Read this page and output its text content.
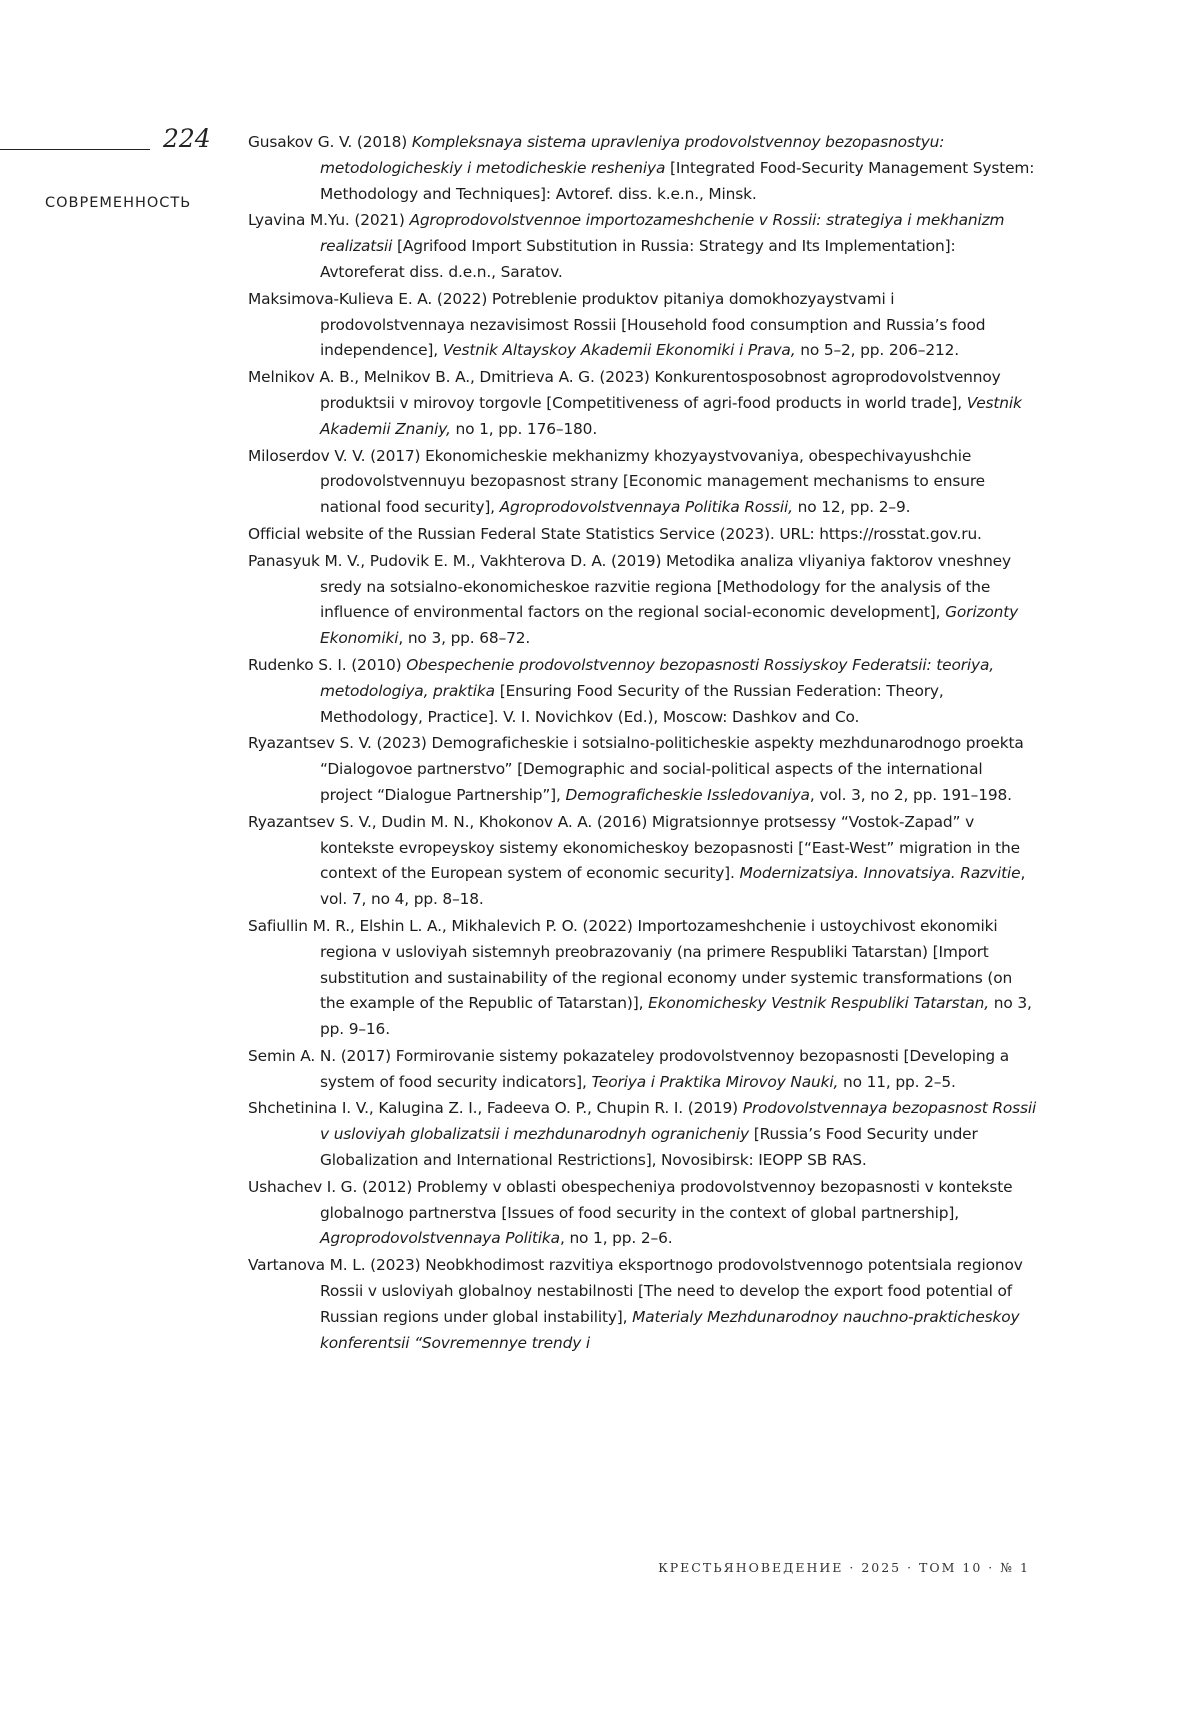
224

СОВРЕМЕННОСТЬ

Gusakov G. V. (2018) Kompleksnaya sistema upravleniya prodovolstvennoy bezopasnostyu: metodologicheskiy i metodicheskie resheniya [Integrated Food-Security Management System: Methodology and Techniques]: Avtoref. diss. k.e.n., Minsk.
Lyavina M.Yu. (2021) Agroprodovolstvennoe importozameshchenie v Rossii: strategiya i mekhanizm realizatsii [Agrifood Import Substitution in Russia: Strategy and Its Implementation]: Avtoreferat diss. d.e.n., Saratov.
Maksimova-Kulieva E. A. (2022) Potreblenie produktov pitaniya domokhozyaystvami i prodovolstvennaya nezavisimost Rossii [Household food consumption and Russia’s food independence], Vestnik Altayskoy Akademii Ekonomiki i Prava, no 5–2, pp. 206–212.
Melnikov A. B., Melnikov B. A., Dmitrieva A. G. (2023) Konkurentosposobnost agroprodovolstvennoy produktsii v mirovoy torgovle [Competitiveness of agri-food products in world trade], Vestnik Akademii Znaniy, no 1, pp. 176–180.
Miloserdov V. V. (2017) Ekonomicheskie mekhanizmy khozyaystvovaniya, obespechivayushchie prodovolstvennuyu bezopasnost strany [Economic management mechanisms to ensure national food security], Agroprodovolstvennaya Politika Rossii, no 12, pp. 2–9.
Official website of the Russian Federal State Statistics Service (2023). URL: https://rosstat.gov.ru.
Panasyuk M. V., Pudovik E. M., Vakhterova D. A. (2019) Metodika analiza vliyaniya faktorov vneshney sredy na sotsialno-ekonomicheskoe razvitie regiona [Methodology for the analysis of the influence of environmental factors on the regional social-economic development], Gorizonty Ekonomiki, no 3, pp. 68–72.
Rudenko S. I. (2010) Obespechenie prodovolstvennoy bezopasnosti Rossiyskoy Federatsii: teoriya, metodologiya, praktika [Ensuring Food Security of the Russian Federation: Theory, Methodology, Practice]. V. I. Novichkov (Ed.), Moscow: Dashkov and Co.
Ryazantsev S. V. (2023) Demograficheskie i sotsialno-politicheskie aspekty mezhdunarodnogo proekta “Dialogovoe partnerstvo” [Demographic and social-political aspects of the international project “Dialogue Partnership”], Demograficheskie Issledovaniya, vol. 3, no 2, pp. 191–198.
Ryazantsev S. V., Dudin M. N., Khokonov A. A. (2016) Migratsionnye protsessy “Vostok-Zapad” v kontekste evropeyskoy sistemy ekonomicheskoy bezopasnosti [“East-West” migration in the context of the European system of economic security]. Modernizatsiya. Innovatsiya. Razvitie, vol. 7, no 4, pp. 8–18.
Safiullin M. R., Elshin L. A., Mikhalevich P. O. (2022) Importozameshchenie i ustoychivost ekonomiki regiona v usloviyah sistemnyh preobrazovaniy (na primere Respubliki Tatarstan) [Import substitution and sustainability of the regional economy under systemic transformations (on the example of the Republic of Tatarstan)], Ekonomichesky Vestnik Respubliki Tatarstan, no 3, pp. 9–16.
Semin A. N. (2017) Formirovanie sistemy pokazateley prodovolstvennoy bezopasnosti [Developing a system of food security indicators], Teoriya i Praktika Mirovoy Nauki, no 11, pp. 2–5.
Shchetinina I. V., Kalugina Z. I., Fadeeva O. P., Chupin R. I. (2019) Prodovolstvennaya bezopasnost Rossii v usloviyah globalizatsii i mezhdunarodnyh ogranicheniy [Russia’s Food Security under Globalization and International Restrictions], Novosibirsk: IEOPP SB RAS.
Ushachev I. G. (2012) Problemy v oblasti obespecheniya prodovolstvennoy bezopasnosti v kontekste globalnogo partnerstva [Issues of food security in the context of global partnership], Agroprodovolstvennaya Politika, no 1, pp. 2–6.
Vartanova M. L. (2023) Neobkhodimost razvitiya eksportnogo prodovolstvennogo potentsiala regionov Rossii v usloviyah globalnoy nestabilnosti [The need to develop the export food potential of Russian regions under global instability], Materialy Mezhdunarodnoy nauchno-prakticheskoy konferentsii “Sovremennye trendy i

КРЕСТЬЯНОВЕДЕНИЕ · 2025 · ТОМ 10 · № 1
